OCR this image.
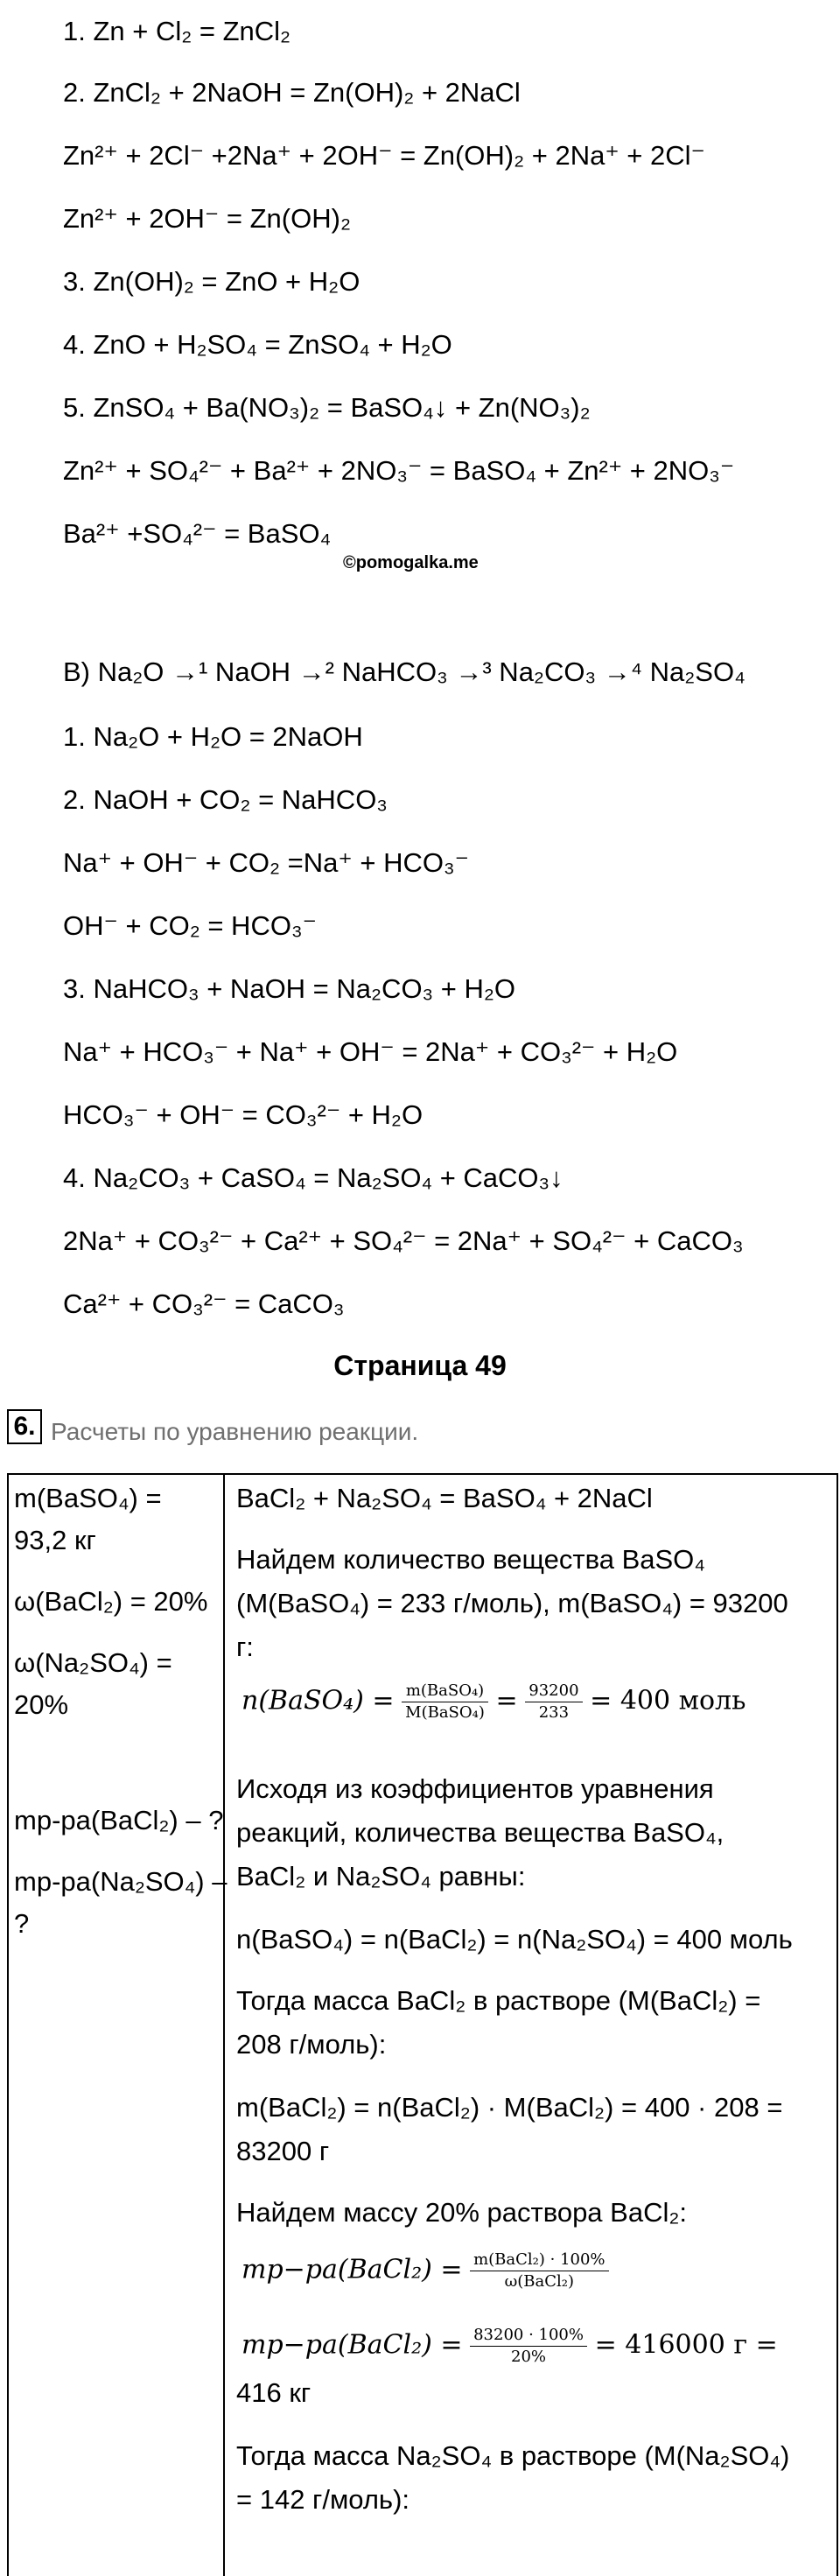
1. Zn + Cl₂ = ZnCl₂
2. ZnCl₂ + 2NaOH = Zn(OH)₂ + 2NaCl
Zn²⁺ + 2Cl⁻ +2Na⁺ + 2OH⁻ = Zn(OH)₂ + 2Na⁺ + 2Cl⁻
Zn²⁺ + 2OH⁻ = Zn(OH)₂
3. Zn(OH)₂ = ZnO + H₂O
4. ZnO + H₂SO₄ = ZnSO₄ + H₂O
5. ZnSO₄ + Ba(NO₃)₂ = BaSO₄↓ + Zn(NO₃)₂
Zn²⁺ + SO₄²⁻ + Ba²⁺ + 2NO₃⁻ = BaSO₄ + Zn²⁺ + 2NO₃⁻
Ba²⁺ +SO₄²⁻ = BaSO₄
©pomogalka.me
B) Na₂O →¹ NaOH →² NaHCO₃ →³ Na₂CO₃ →⁴ Na₂SO₄
1. Na₂O + H₂O = 2NaOH
2. NaOH + CO₂ = NaHCO₃
Na⁺ + OH⁻ + CO₂ =Na⁺ + HCO₃⁻
OH⁻ + CO₂ = HCO₃⁻
3. NaHCO₃ + NaOH = Na₂CO₃ + H₂O
Na⁺ + HCO₃⁻ + Na⁺ + OH⁻ = 2Na⁺ + CO₃²⁻ + H₂O
HCO₃⁻ + OH⁻ = CO₃²⁻ + H₂O
4. Na₂CO₃ + CaSO₄ = Na₂SO₄ + CaCO₃↓
2Na⁺ + CO₃²⁻ + Ca²⁺ + SO₄²⁻ = 2Na⁺ + SO₄²⁻ + CaCO₃
Ca²⁺ + CO₃²⁻ = CaCO₃
Страница 49
6. Расчеты по уравнению реакции.
m(BaSO₄) =
93,2 кг
ω(BaCl₂) = 20%
ω(Na₂SO₄) =
20%
mр-ра(BaCl₂) – ?
mр-ра(Na₂SO₄) –
?
BaCl₂ + Na₂SO₄ = BaSO₄ + 2NaCl
Найдем количество вещества BaSO₄
(M(BaSO₄) = 233 г/моль), m(BaSO₄) = 93200
г:
n(BaSO₄) = $\frac{\text{m(BaSO₄)}}{\text{M(BaSO₄)}} = \frac{93200}{233} = 400$ моль
Исходя из коэффициентов уравнения
реакций, количества вещества BaSO₄,
BaCl₂ и Na₂SO₄ равны:
n(BaSO₄) = n(BaCl₂) = n(Na₂SO₄) = 400 моль
Тогда масса BaCl₂ в растворе (M(BaCl₂) =
208 г/моль):
m(BaCl₂) = n(BaCl₂) · M(BaCl₂) = 400 · 208 =
83200 г
Найдем массу 20% раствора BaCl₂:
mр−ра(BaCl₂) = $\frac{\text{m(BaCl₂) · 100\%}}{\text{ω(BaCl₂)}}$
mр−ра(BaCl₂) = $\frac{83200 \cdot 100\%}{20\%} = 416000$ г =
416 кг
Тогда масса Na₂SO₄ в растворе (M(Na₂SO₄)
= 142 г/моль):
